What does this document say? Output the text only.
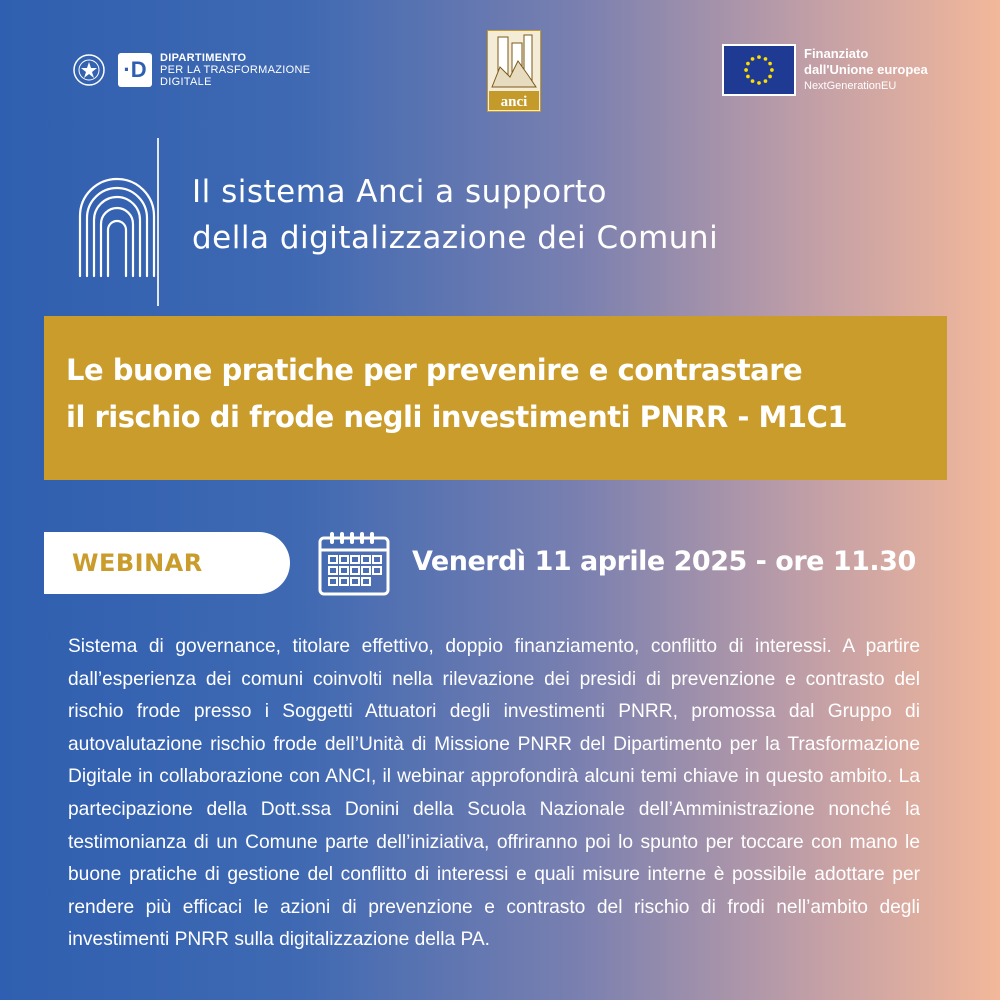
·D	DIPARTIMENTO
PER LA TRASFORMAZIONE
DIGITALE
anci
Finanziato
dall'Unione europea
NextGenerationEU
Il sistema Anci a supporto
della digitalizzazione dei Comuni
Le buone pratiche per prevenire e contrastare
il rischio di frode negli investimenti PNRR - M1C1
WEBINAR	Venerdì 11 aprile 2025 - ore 11.30
Sistema di governance, titolare effettivo, doppio finanziamento, conflitto di interessi. A partire dall’esperienza dei comuni coinvolti nella rilevazione dei presidi di prevenzione e contrasto del rischio frode presso i Soggetti Attuatori degli investimenti PNRR, promossa dal Gruppo di autovalutazione rischio frode dell’Unità di Missione PNRR del Dipartimento per la Trasformazione Digitale in collaborazione con ANCI, il webinar approfondirà alcuni temi chiave in questo ambito. La partecipazione della Dott.ssa Donini della Scuola Nazionale dell’Amministrazione nonché la testimonianza di un Comune parte dell’iniziativa, offriranno poi lo spunto per toccare con mano le buone pratiche di gestione del conflitto di interessi e quali misure interne è possibile adottare per rendere più efficaci le azioni di prevenzione e contrasto del rischio di frodi nell’ambito degli investimenti PNRR sulla digitalizzazione della PA.
